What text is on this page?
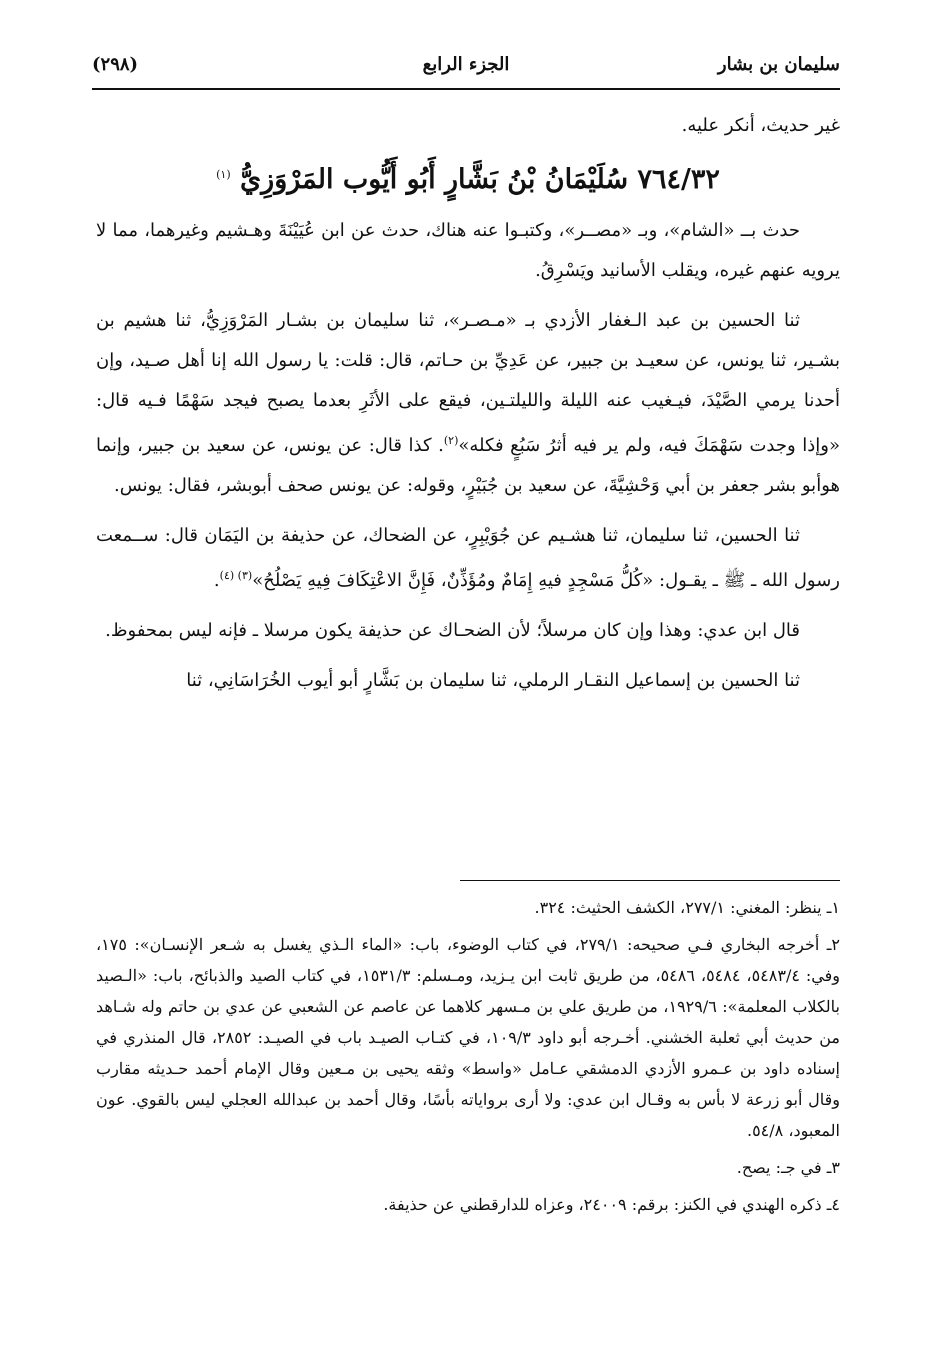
(٢٩٨)	الجزء الرابع	سليمان بن بشار

غير حديث، أنكر عليه.

٧٦٤/٣٢ سُلَيْمَانُ بْنُ بَشَّارٍ أَبُو أَيُّوب المَرْوَزِيُّ $^{(١)}$

حدث بــ «الشام»، وبـ «مصــر»، وكتبـوا عنه هناك، حدث عن ابن عُيَيْنَةَ وهـشيم وغيرهما، مما لا يرويه عنهم غيره، ويقلب الأسانيد ويَسْرِقُ.

ثنا الحسين بن عبد الـغفار الأزدي بـ «مـصـر»، ثنا سليمان بن بشـار المَرْوَزِيُّ، ثنا هشيم بن بشـير، ثنا يونس، عن سعيـد بن جبير، عن عَدِيِّ بن حـاتم، قال: قلت: يا رسول الله إنا أهل صـيد، وإن أحدنا يرمي الصَّيْدَ، فيـغيب عنه الليلة والليلتـين، فيقع على الأثَرِ بعدما يصبح فيجد سَهْمًا فـيه قال: «وإذا وجدت سَهْمَكَ فيه، ولم ير فيه أثرُ سَبُعٍ فكله»$^{(٢)}$. كذا قال: عن يونس، عن سعيد بن جبير، وإنما هوأبو بشر جعفر بن أبي وَحْشِيَّةَ، عن سعيد بن جُبَيْرٍ، وقوله: عن يونس صحف أبوبشر، فقال: يونس.

ثنا الحسين، ثنا سليمان، ثنا هشـيم عن جُوَيْبِرٍ، عن الضحاك، عن حذيفة بن اليَمَان قال: ســمعت رسول الله ـ ﷺ ـ يقـول: «كُلُّ مَسْجِدٍ فيهِ إِمَامٌ ومُؤَذِّنٌ، فَإِنَّ الاعْتِكَافَ فِيهِ يَصْلُحُ»$^{(٣) (٤)}$.

قال ابن عدي: وهذا وإن كان مرسلاً؛ لأن الضحـاك عن حذيفة يكون مرسلا ـ فإنه ليس بمحفوظ.

ثنا الحسين بن إسماعيل النقـار الرملي، ثنا سليمان بن بَشَّارٍ أبو أيوب الخُرَاسَانِي، ثنا

١ـ ينظر: المغني: ٢٧٧/١، الكشف الحثيث: ٣٢٤.

٢ـ أخرجه البخاري فـي صحيحه: ٢٧٩/١، في كتاب الوضوء، باب: «الماء الـذي يغسل به شـعر الإنسـان»: ١٧٥، وفي: ٥٤٨٣/٤، ٥٤٨٤، ٥٤٨٦، من طريق ثابت ابن يـزيد، ومـسلم: ١٥٣١/٣، في كتاب الصيد والذبائح، باب: «الـصيد بالكلاب المعلمة»: ١٩٢٩/٦، من طريق علي بن مـسهر كلاهما عن عاصم عن الشعبي عن عدي بن حاتم وله شـاهد من حديث أبي ثعلبة الخشني. أخـرجه أبو داود ١٠٩/٣، في كتـاب الصيـد باب في الصيـد: ٢٨٥٢، قال المنذري في إسناده داود بن عـمرو الأزدي الدمشقي عـامل «واسط» وثقه يحيى بن مـعين وقال الإمام أحمد حـديثه مقارب وقال أبو زرعة لا بأس به وقـال ابن عدي: ولا أرى برواياته بأسًا، وقال أحمد بن عبدالله العجلي ليس بالقوي. عون المعبود، ٥٤/٨.

٣ـ في جـ: يصح.

٤ـ ذكره الهندي في الكنز: برقم: ٢٤٠٠٩، وعزاه للدارقطني عن حذيفة.
